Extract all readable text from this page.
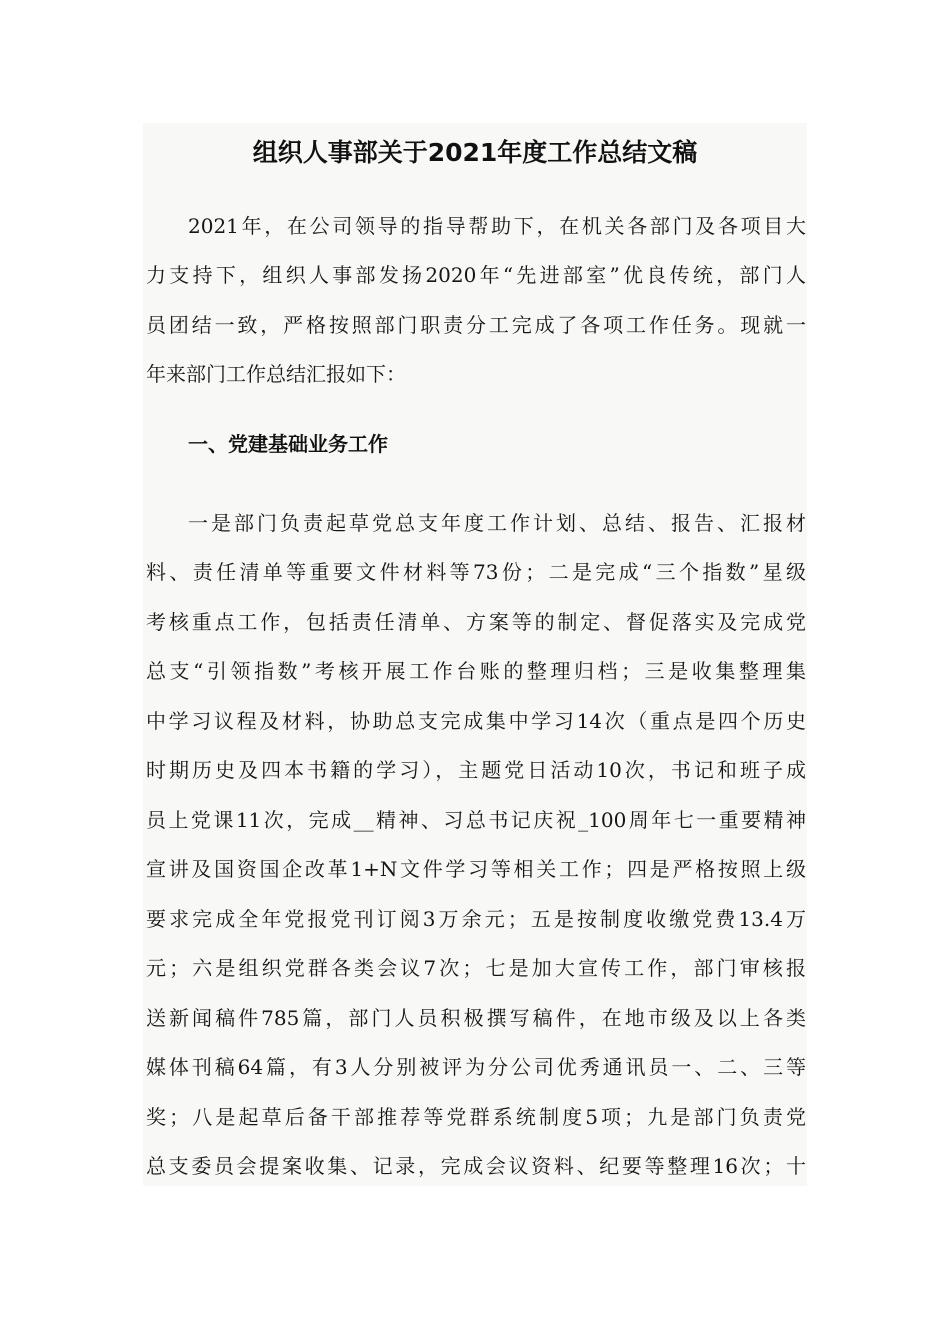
组织人事部关于2021年度工作总结文稿
2021年，在公司领导的指导帮助下，在机关各部门及各项目大
力支持下，组织人事部发扬2020年“先进部室”优良传统，部门人
员团结一致，严格按照部门职责分工完成了各项工作任务。现就一
年来部门工作总结汇报如下：
一、党建基础业务工作
一是部门负责起草党总支年度工作计划、总结、报告、汇报材
料、责任清单等重要文件材料等73份；二是完成“三个指数”星级
考核重点工作，包括责任清单、方案等的制定、督促落实及完成党
总支“引领指数”考核开展工作台账的整理归档；三是收集整理集
中学习议程及材料，协助总支完成集中学习14次（重点是四个历史
时期历史及四本书籍的学习），主题党日活动10次，书记和班子成
员上党课11次，完成__精神、习总书记庆祝_100周年七一重要精神
宣讲及国资国企改革1+N文件学习等相关工作；四是严格按照上级
要求完成全年党报党刊订阅3万余元；五是按制度收缴党费13.4万
元；六是组织党群各类会议7次；七是加大宣传工作，部门审核报
送新闻稿件785篇，部门人员积极撰写稿件，在地市级及以上各类
媒体刊稿64篇，有3人分别被评为分公司优秀通讯员一、二、三等
奖；八是起草后备干部推荐等党群系统制度5项；九是部门负责党
总支委员会提案收集、记录，完成会议资料、纪要等整理16次；十
